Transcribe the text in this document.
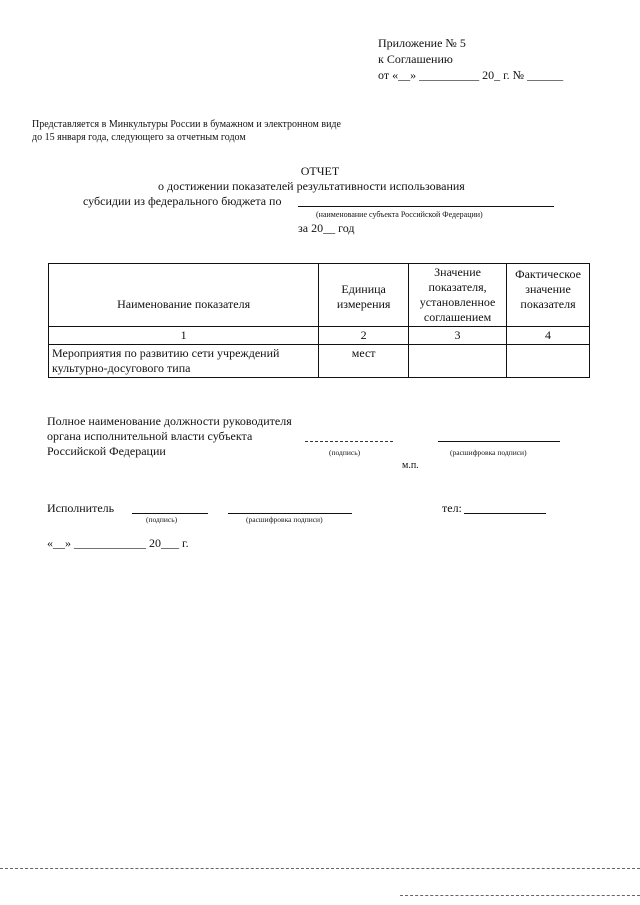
Приложение № 5
к Соглашению
от «__» __________ 20_ г. № ______
Представляется в Минкультуры России в бумажном и электронном виде
до 15 января года, следующего за отчетным годом
ОТЧЕТ
о достижении показателей результативности использования
субсидии из федерального бюджета по
(наименование субъекта Российской Федерации)
за 20__ год
Наименование показателя	Единица измерения	Значение показателя, установленное соглашением	Фактическое значение показателя
1	2	3	4
Мероприятия по развитию сети учреждений культурно-досугового типа	мест		
Полное наименование должности руководителя
органа исполнительной власти субъекта
Российской Федерации	(подпись)	(расшифровка подписи)
м.п.
Исполнитель
(подпись)	(расшифровка подписи)
тел:
«__» ____________ 20___ г.
